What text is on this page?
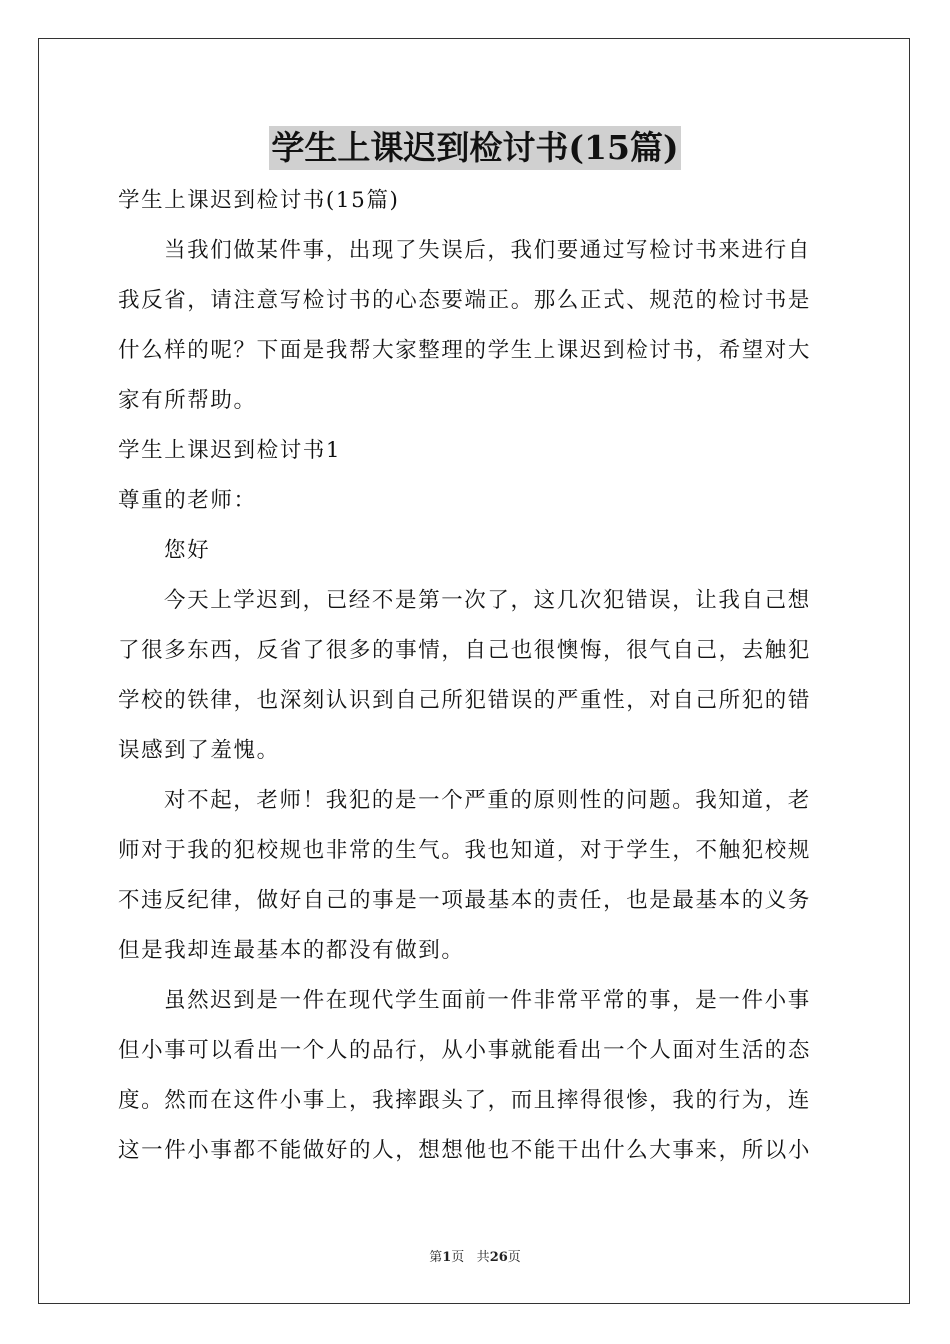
学生上课迟到检讨书(15篇)
学生上课迟到检讨书(15篇)
当我们做某件事，出现了失误后，我们要通过写检讨书来进行自
我反省，请注意写检讨书的心态要端正。那么正式、规范的检讨书是
什么样的呢？下面是我帮大家整理的学生上课迟到检讨书，希望对大
家有所帮助。
学生上课迟到检讨书1
尊重的老师：
您好
今天上学迟到，已经不是第一次了，这几次犯错误，让我自己想
了很多东西，反省了很多的事情，自己也很懊悔，很气自己，去触犯
学校的铁律，也深刻认识到自己所犯错误的严重性，对自己所犯的错
误感到了羞愧。
对不起，老师！我犯的是一个严重的原则性的问题。我知道，老
师对于我的犯校规也非常的生气。我也知道，对于学生，不触犯校规
不违反纪律，做好自己的事是一项最基本的责任，也是最基本的义务
但是我却连最基本的都没有做到。
虽然迟到是一件在现代学生面前一件非常平常的事，是一件小事
但小事可以看出一个人的品行，从小事就能看出一个人面对生活的态
度。然而在这件小事上，我摔跟头了，而且摔得很惨，我的行为，连
这一件小事都不能做好的人，想想他也不能干出什么大事来，所以小
第1页 共26页
